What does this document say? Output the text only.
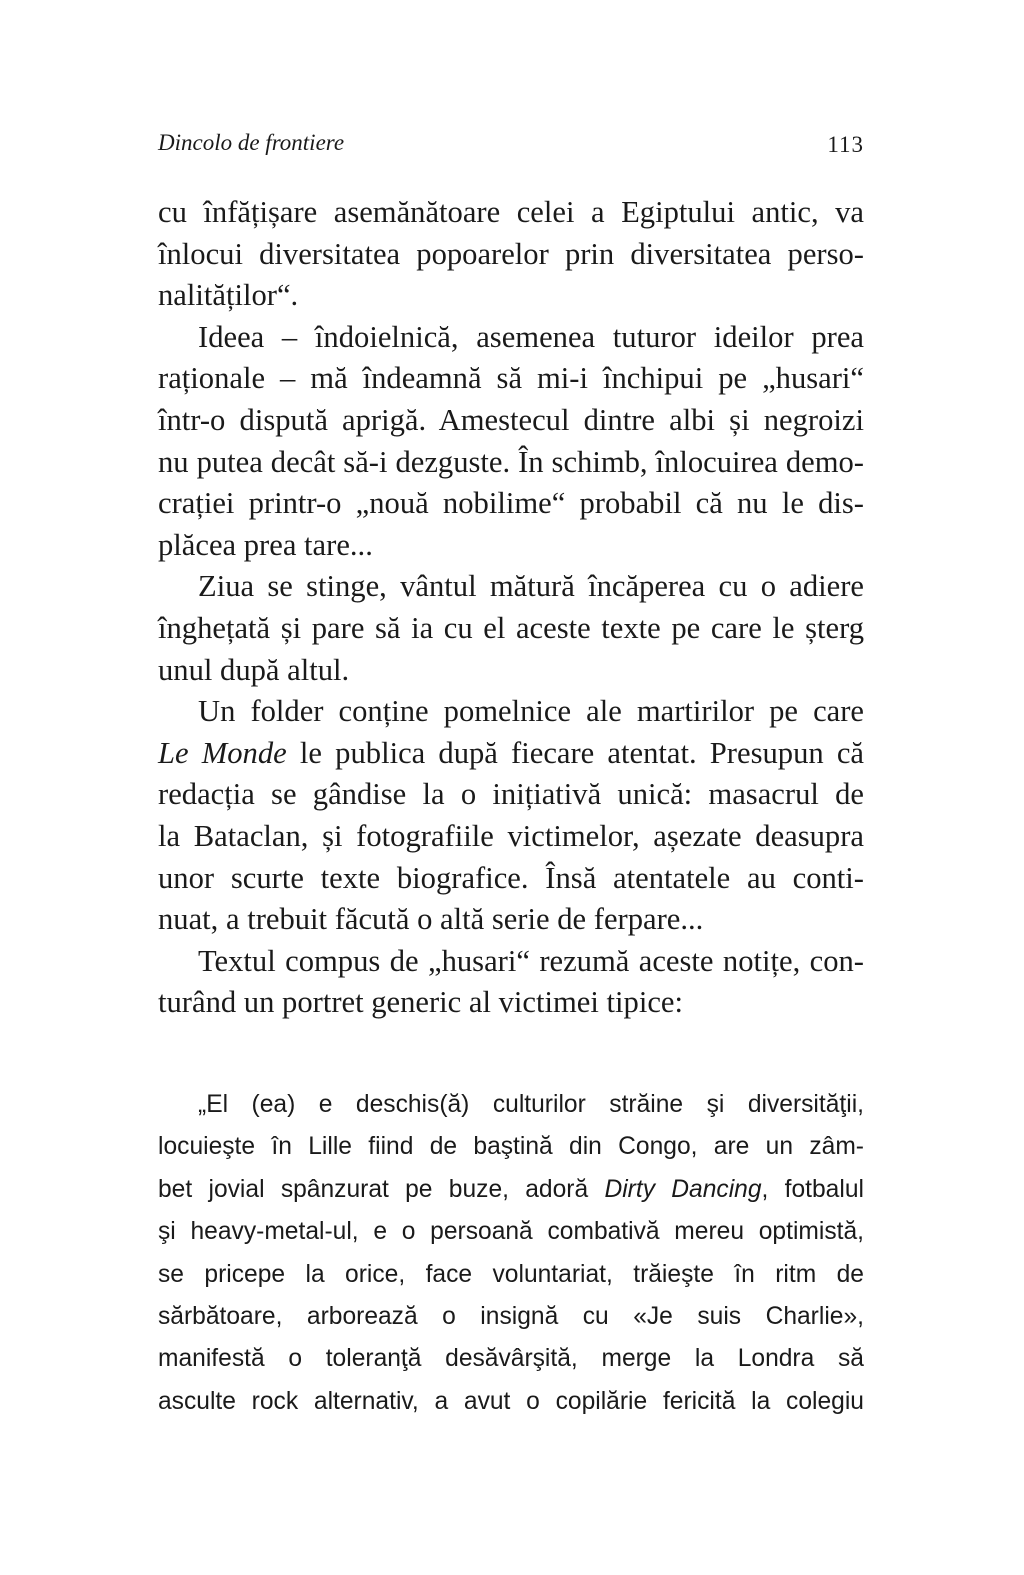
Dincolo de frontiere	113

cu înfățișare asemănătoare celei a Egiptului antic, va
înlocui diversitatea popoarelor prin diversitatea perso-
nalităților“.

Ideea – îndoielnică, asemenea tuturor ideilor prea
raționale – mă îndeamnă să mi-i închipui pe „husari“
într-o dispută aprigă. Amestecul dintre albi și negroizi
nu putea decât să-i dezguste. În schimb, înlocuirea demo-
crației printr-o „nouă nobilime“ probabil că nu le dis-
plăcea prea tare...

Ziua se stinge, vântul mătură încăperea cu o adiere
înghețată și pare să ia cu el aceste texte pe care le șterg
unul după altul.

Un folder conține pomelnice ale martirilor pe care
Le Monde le publica după fiecare atentat. Presupun că
redacția se gândise la o inițiativă unică: masacrul de
la Bataclan, și fotografiile victimelor, așezate deasupra
unor scurte texte biografice. Însă atentatele au conti-
nuat, a trebuit făcută o altă serie de ferpare...

Textul compus de „husari“ rezumă aceste notițe, con-
turând un portret generic al victimei tipice:

„El (ea) e deschis(ă) culturilor străine şi diversităţii,
locuieşte în Lille fiind de baştină din Congo, are un zâm-
bet jovial spânzurat pe buze, adoră Dirty Dancing, fotbalul
şi heavy-metal-ul, e o persoană combativă mereu optimistă,
se pricepe la orice, face voluntariat, trăieşte în ritm de
sărbătoare, arborează o insignă cu «Je suis Charlie»,
manifestă o toleranţă desăvârşită, merge la Londra să
asculte rock alternativ, a avut o copilărie fericită la colegiu
